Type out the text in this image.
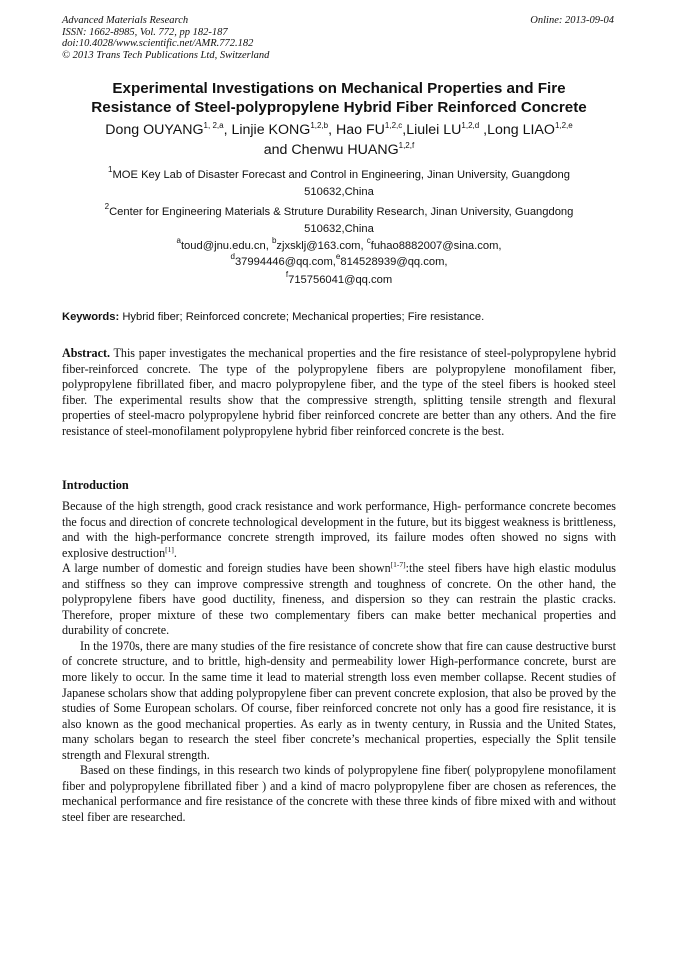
Advanced Materials Research
ISSN: 1662-8985, Vol. 772, pp 182-187
doi:10.4028/www.scientific.net/AMR.772.182
© 2013 Trans Tech Publications Ltd, Switzerland
Online: 2013-09-04
Experimental Investigations on Mechanical Properties and Fire
Resistance of Steel-polypropylene Hybrid Fiber Reinforced Concrete
Dong OUYANG$^{1, 2,a}$, Linjie KONG$^{1,2,b}$, Hao FU$^{1,2,c}$,Liulei LU$^{1,2,d}$ ,Long LIAO$^{1,2,e}$
and Chenwu HUANG$^{1,2,f}$
$^1$MOE Key Lab of Disaster Forecast and Control in Engineering, Jinan University, Guangdong
510632,China
$^2$Center for Engineering Materials & Struture Durability Research, Jinan University, Guangdong
510632,China
$^a$toud@jnu.edu.cn, $^b$zjxsklj@163.com, $^c$fuhao8882007@sina.com,
$^d$37994446@qq.com,$^e$814528939@qq.com,
$^f$715756041@qq.com
Keywords: Hybrid fiber; Reinforced concrete; Mechanical properties; Fire resistance.

Abstract. This paper investigates the mechanical properties and the fire resistance of steel-polypropylene hybrid fiber-reinforced concrete. The type of the polypropylene fibers are polypropylene monofilament fiber, polypropylene fibrillated fiber, and macro polypropylene fiber, and the type of the steel fibers is hooked steel fiber. The experimental results show that the compressive strength, splitting tensile strength and flexural properties of steel-macro polypropylene hybrid fiber reinforced concrete are better than any others. And the fire resistance of steel-monofilament polypropylene hybrid fiber reinforced concrete is the best.

Introduction

Because of the high strength, good crack resistance and work performance, High- performance concrete becomes the focus and direction of concrete technological development in the future, but its biggest weakness is brittleness, and with the high-performance concrete strength improved, its failure modes often showed no signs with explosive destruction[1].

A large number of domestic and foreign studies have been shown[1-7]:the steel fibers have high elastic modulus and stiffness so they can improve compressive strength and toughness of concrete. On the other hand, the polypropylene fibers have good ductility, fineness, and dispersion so they can restrain the plastic cracks. Therefore, proper mixture of these two complementary fibers can make better mechanical properties and durability of concrete.

In the 1970s, there are many studies of the fire resistance of concrete show that fire can cause destructive burst of concrete structure, and to brittle, high-density and permeability lower High-performance concrete, burst are more likely to occur. In the same time it lead to material strength loss even member collapse. Recent studies of Japanese scholars show that adding polypropylene fiber can prevent concrete explosion, that also be proved by the studies of Some European scholars. Of course, fiber reinforced concrete not only has a good fire resistance, it is also known as the good mechanical properties. As early as in twenty century, in Russia and the United States, many scholars began to research the steel fiber concrete’s mechanical properties, especially the Split tensile strength and Flexural strength.

Based on these findings, in this research two kinds of polypropylene fine fiber( polypropylene monofilament fiber and polypropylene fibrillated fiber ) and a kind of macro polypropylene fiber are chosen as references, the mechanical performance and fire resistance of the concrete with these three kinds of fibre mixed with and without steel fiber are researched.
